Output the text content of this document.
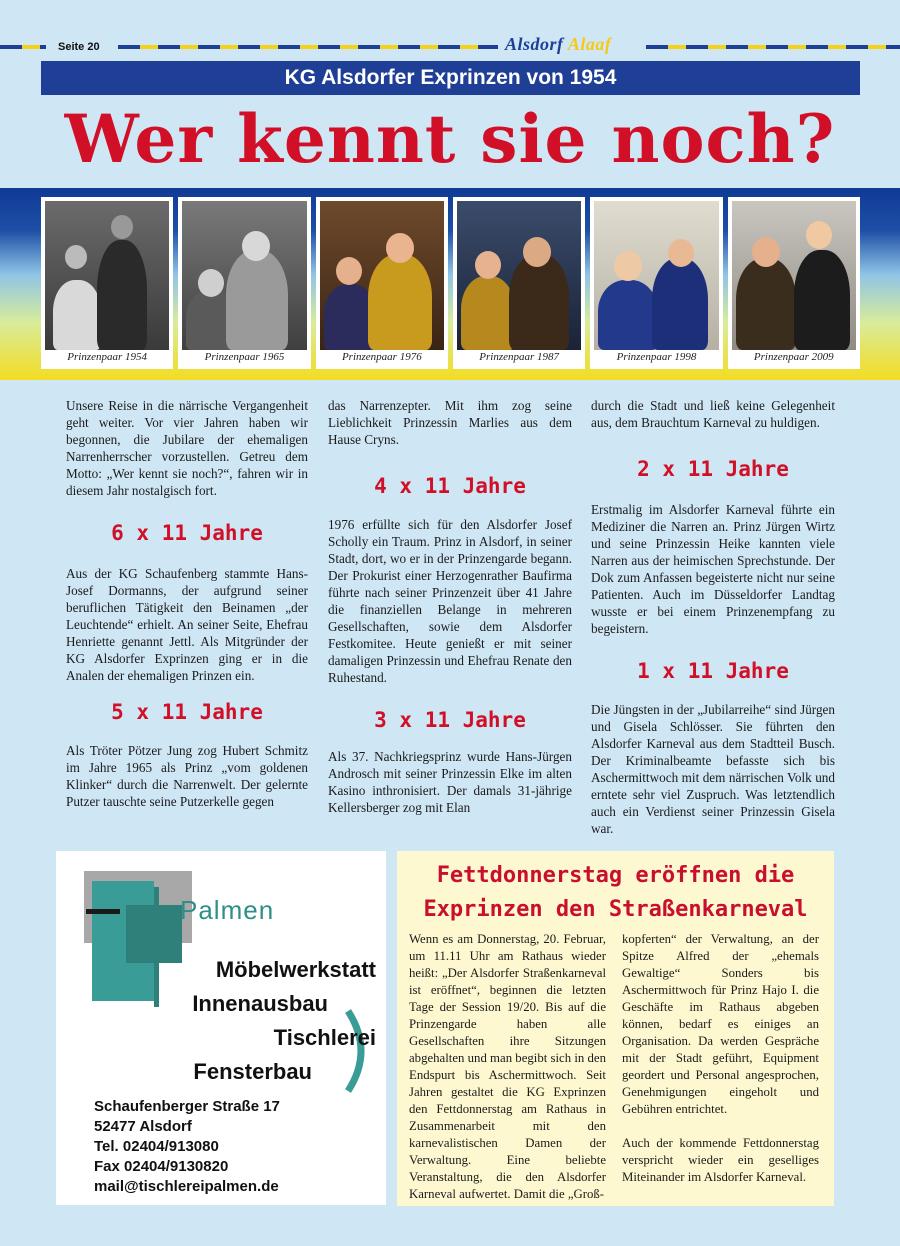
Seite 20	Alsdorf Alaaf
KG Alsdorfer Exprinzen von 1954
Wer kennt sie noch?
Prinzenpaar 1954	Prinzenpaar 1965	Prinzenpaar 1976	Prinzenpaar 1987	Prinzenpaar 1998	Prinzenpaar 2009

Unsere Reise in die närrische Vergangenheit geht weiter. Vor vier Jahren haben wir begonnen, die Jubilare der ehemaligen Narrenherrscher vorzustellen. Getreu dem Motto: „Wer kennt sie noch?“, fahren wir in diesem Jahr nostalgisch fort.

6 x 11 Jahre

Aus der KG Schaufenberg stammte Hans-Josef Dormanns, der aufgrund seiner beruflichen Tätigkeit den Beinamen „der Leuchtende“ erhielt. An seiner Seite, Ehefrau Henriette genannt Jettl. Als Mitgründer der KG Alsdorfer Exprinzen ging er in die Analen der ehemaligen Prinzen ein.

5 x 11 Jahre

Als Tröter Pötzer Jung zog Hubert Schmitz im Jahre 1965 als Prinz „vom goldenen Klinker“ durch die Narrenwelt. Der gelernte Putzer tauschte seine Putzerkelle gegen

das Narrenzepter. Mit ihm zog seine Lieblichkeit Prinzessin Marlies aus dem Hause Cryns.

4 x 11 Jahre

1976 erfüllte sich für den Alsdorfer Josef Scholly ein Traum. Prinz in Alsdorf, in seiner Stadt, dort, wo er in der Prinzengarde begann. Der Prokurist einer Herzogenrather Baufirma führte nach seiner Prinzenzeit über 41 Jahre die finanziellen Belange in mehreren Gesellschaften, sowie dem Alsdorfer Festkomitee. Heute genießt er mit seiner damaligen Prinzessin und Ehefrau Renate den Ruhestand.

3 x 11 Jahre

Als 37. Nachkriegsprinz wurde Hans-Jürgen Androsch mit seiner Prinzessin Elke im alten Kasino inthronisiert. Der damals 31-jährige Kellersberger zog mit Elan

durch die Stadt und ließ keine Gelegenheit aus, dem Brauchtum Karneval zu huldigen.

2 x 11 Jahre

Erstmalig im Alsdorfer Karneval führte ein Mediziner die Narren an. Prinz Jürgen Wirtz und seine Prinzessin Heike kannten viele Narren aus der heimischen Sprechstunde. Der Dok zum Anfassen begeisterte nicht nur seine Patienten. Auch im Düsseldorfer Landtag wusste er bei einem Prinzenempfang zu begeistern.

1 x 11 Jahre

Die Jüngsten in der „Jubilarreihe“ sind Jürgen und Gisela Schlösser. Sie führten den Alsdorfer Karneval aus dem Stadtteil Busch. Der Kriminalbeamte befasste sich bis Aschermittwoch mit dem närrischen Volk und erntete sehr viel Zuspruch. Was letztendlich auch ein Verdienst seiner Prinzessin Gisela war.

Palmen
Möbelwerkstatt
Innenausbau
Tischlerei
Fensterbau
Schaufenberger Straße 17
52477 Alsdorf
Tel. 02404/913080
Fax 02404/9130820
mail@tischlereipalmen.de
Fettdonnerstag eröffnen die
Exprinzen den Straßenkarneval

Wenn es am Donnerstag, 20. Februar, um 11.11 Uhr am Rathaus wieder heißt: „Der Alsdorfer Straßenkarneval ist eröffnet“, beginnen die letzten Tage der Session 19/20. Bis auf die Prinzengarde haben alle Gesellschaften ihre Sitzungen abgehalten und man begibt sich in den Endspurt bis Aschermittwoch. Seit Jahren gestaltet die KG Exprinzen den Fettdonnerstag am Rathaus in Zusammenarbeit mit den karnevalistischen Damen der Verwaltung. Eine beliebte Veranstaltung, die den Alsdorfer Karneval aufwertet. Damit die „Groß-

kopferten“ der Verwaltung, an der Spitze Alfred der „ehemals Gewaltige“ Sonders bis Aschermittwoch für Prinz Hajo I. die Geschäfte im Rathaus abgeben können, bedarf es einiges an Organisation. Da werden Gespräche mit der Stadt geführt, Equipment geordert und Personal angesprochen, Genehmigungen eingeholt und Gebühren entrichtet.

Auch der kommende Fettdonnerstag verspricht wieder ein geselliges Miteinander im Alsdorfer Karneval.
